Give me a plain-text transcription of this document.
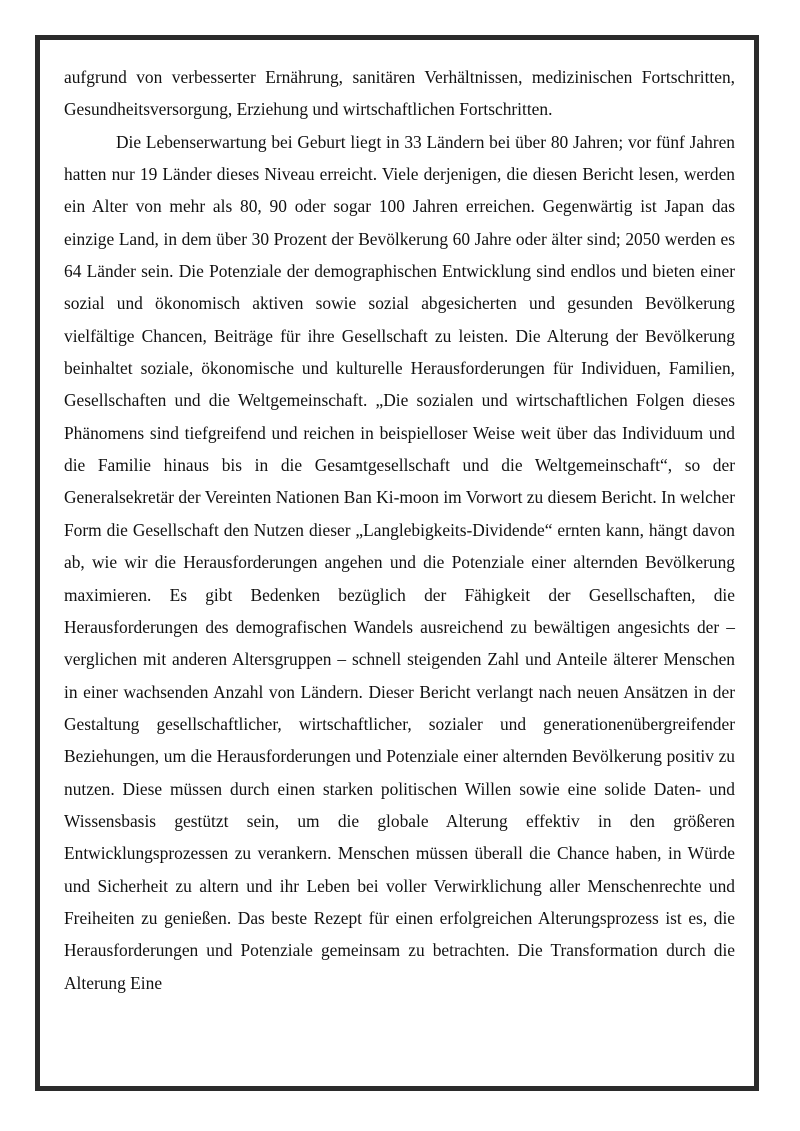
aufgrund von verbesserter Ernährung, sanitären Verhältnissen, medizinischen Fortschritten, Gesundheitsversorgung, Erziehung und wirtschaftlichen Fortschritten.

Die Lebenserwartung bei Geburt liegt in 33 Ländern bei über 80 Jahren; vor fünf Jahren hatten nur 19 Länder dieses Niveau erreicht. Viele derjenigen, die diesen Bericht lesen, werden ein Alter von mehr als 80, 90 oder sogar 100 Jahren erreichen. Gegenwärtig ist Japan das einzige Land, in dem über 30 Prozent der Bevölkerung 60 Jahre oder älter sind; 2050 werden es 64 Länder sein. Die Potenziale der demographischen Entwicklung sind endlos und bieten einer sozial und ökonomisch aktiven sowie sozial abgesicherten und gesunden Bevölkerung vielfältige Chancen, Beiträge für ihre Gesellschaft zu leisten. Die Alterung der Bevölkerung beinhaltet soziale, ökonomische und kulturelle Herausforderungen für Individuen, Familien, Gesellschaften und die Weltgemeinschaft. „Die sozialen und wirtschaftlichen Folgen dieses Phänomens sind tiefgreifend und reichen in beispielloser Weise weit über das Individuum und die Familie hinaus bis in die Gesamtgesellschaft und die Weltgemeinschaft“, so der Generalsekretär der Vereinten Nationen Ban Ki-moon im Vorwort zu diesem Bericht. In welcher Form die Gesellschaft den Nutzen dieser „Langlebigkeits-Dividende“ ernten kann, hängt davon ab, wie wir die Herausforderungen angehen und die Potenziale einer alternden Bevölkerung maximieren. Es gibt Bedenken bezüglich der Fähigkeit der Gesellschaften, die Herausforderungen des demografischen Wandels ausreichend zu bewältigen angesichts der – verglichen mit anderen Altersgruppen – schnell steigenden Zahl und Anteile älterer Menschen in einer wachsenden Anzahl von Ländern. Dieser Bericht verlangt nach neuen Ansätzen in der Gestaltung gesellschaftlicher, wirtschaftlicher, sozialer und generationenübergreifender Beziehungen, um die Herausforderungen und Potenziale einer alternden Bevölkerung positiv zu nutzen. Diese müssen durch einen starken politischen Willen sowie eine solide Daten- und Wissensbasis gestützt sein, um die globale Alterung effektiv in den größeren Entwicklungsprozessen zu verankern. Menschen müssen überall die Chance haben, in Würde und Sicherheit zu altern und ihr Leben bei voller Verwirklichung aller Menschenrechte und Freiheiten zu genießen. Das beste Rezept für einen erfolgreichen Alterungsprozess ist es, die Herausforderungen und Potenziale gemeinsam zu betrachten. Die Transformation durch die Alterung Eine
